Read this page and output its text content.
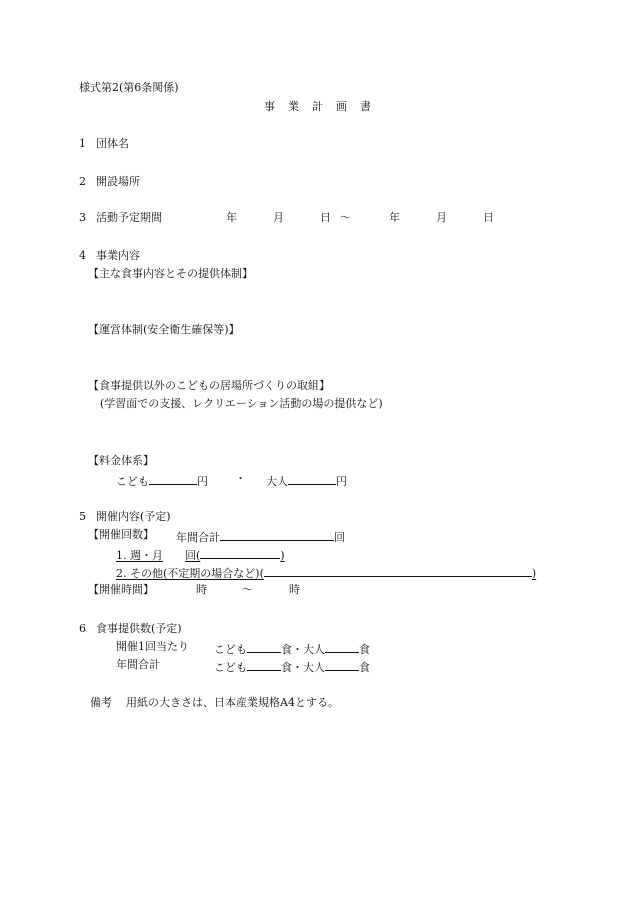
様式第2(第6条関係)
事 業 計 画 書
1 団体名
2 開設場所
3 活動予定期間	年	月	日 ～	年	月	日
4 事業内容
【主な食事内容とその提供体制】
【運営体制(安全衛生確保等)】
【食事提供以外のこどもの居場所づくりの取組】
(学習面での支援、レクリエーション活動の場の提供など)
【料金体系】
こども	円 ・ 大人	円
5 開催内容(予定)
【開催回数】 年間合計	回
1. 週・月 回(	)
2. その他(不定期の場合など)(	)
【開催時間】	時	～	時
6 食事提供数(予定)
開催1回当たり こども	食・大人	食
年間合計	こども	食・大人	食
備考 用紙の大きさは、日本産業規格A4とする。
